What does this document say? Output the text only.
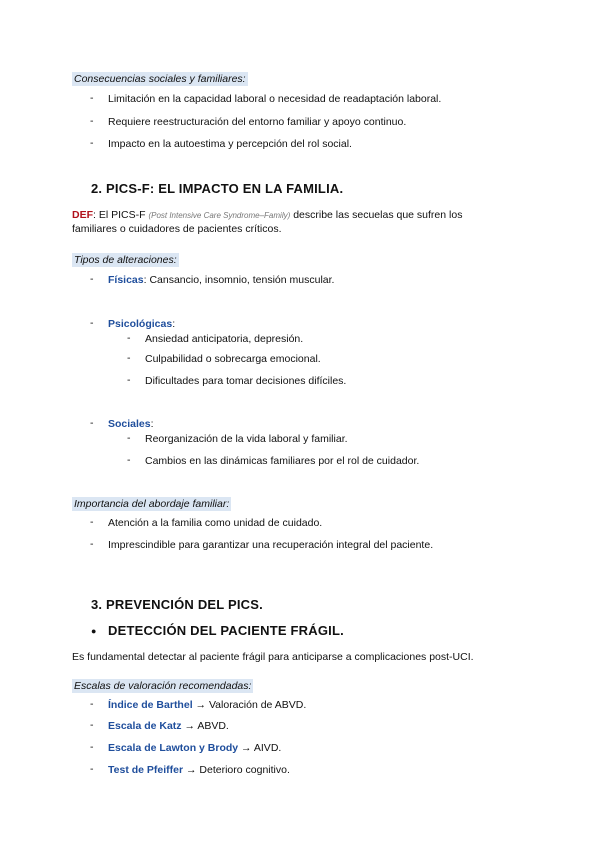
Consecuencias sociales y familiares:
- Limitación en la capacidad laboral o necesidad de readaptación laboral.
- Requiere reestructuración del entorno familiar y apoyo continuo.
- Impacto en la autoestima y percepción del rol social.
2. PICS-F: EL IMPACTO EN LA FAMILIA.
DEF: El PICS-F (Post Intensive Care Syndrome–Family) describe las secuelas que sufren los
familiares o cuidadores de pacientes críticos.
Tipos de alteraciones:
- Físicas: Cansancio, insomnio, tensión muscular.
- Psicológicas:
- Ansiedad anticipatoria, depresión.
- Culpabilidad o sobrecarga emocional.
- Dificultades para tomar decisiones difíciles.
- Sociales:
- Reorganización de la vida laboral y familiar.
- Cambios en las dinámicas familiares por el rol de cuidador.
Importancia del abordaje familiar:
- Atención a la familia como unidad de cuidado.
- Imprescindible para garantizar una recuperación integral del paciente.
3. PREVENCIÓN DEL PICS.
● DETECCIÓN DEL PACIENTE FRÁGIL.
Es fundamental detectar al paciente frágil para anticiparse a complicaciones post-UCI.
Escalas de valoración recomendadas:
- Índice de Barthel → Valoración de ABVD.
- Escala de Katz → ABVD.
- Escala de Lawton y Brody → AIVD.
- Test de Pfeiffer → Deterioro cognitivo.
